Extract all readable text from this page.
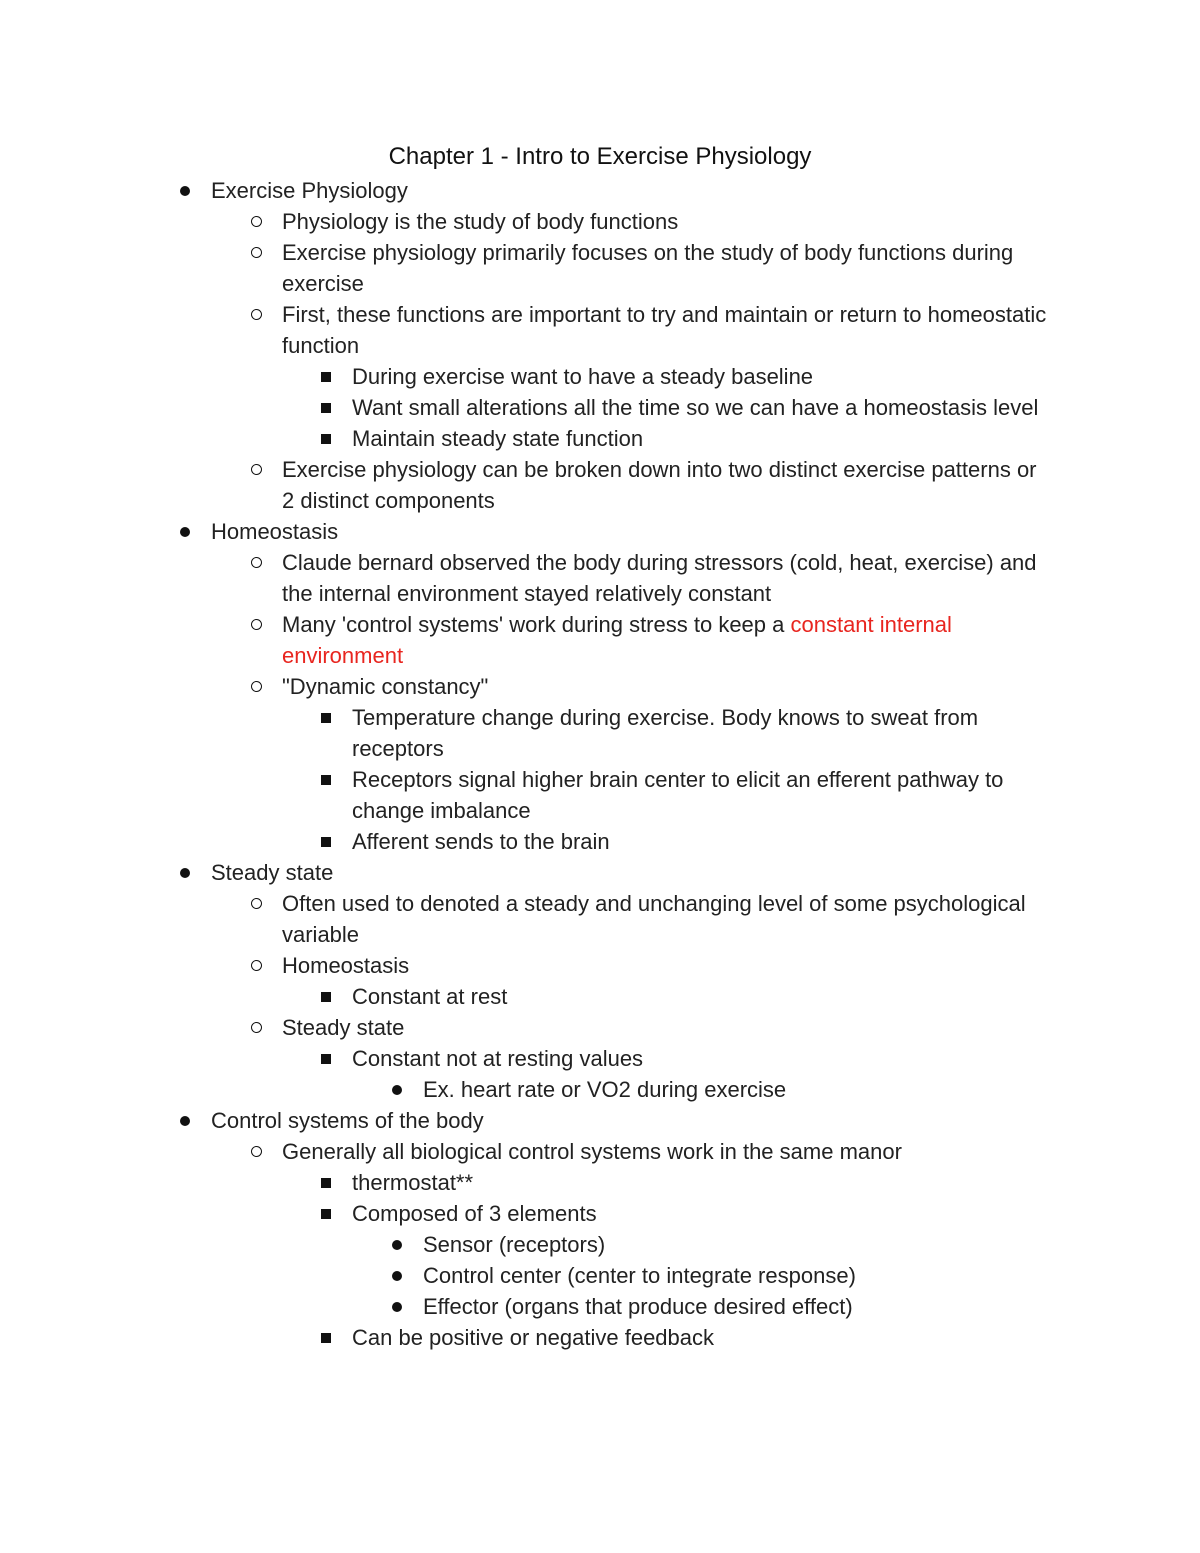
Chapter 1 - Intro to Exercise Physiology
Exercise Physiology
Physiology is the study of body functions
Exercise physiology primarily focuses on the study of body functions during exercise
First, these functions are important to try and maintain or return to homeostatic function
During exercise want to have a steady baseline
Want small alterations all the time so we can have a homeostasis level
Maintain steady state function
Exercise physiology can be broken down into two distinct exercise patterns or 2 distinct components
Homeostasis
Claude bernard observed the body during stressors (cold, heat, exercise) and the internal environment stayed relatively constant
Many 'control systems' work during stress to keep a constant internal environment
"Dynamic constancy"
Temperature change during exercise. Body knows to sweat from receptors
Receptors signal higher brain center to elicit an efferent pathway to change imbalance
Afferent sends to the brain
Steady state
Often used to denoted a steady and unchanging level of some psychological variable
Homeostasis
Constant at rest
Steady state
Constant not at resting values
Ex. heart rate or VO2 during exercise
Control systems of the body
Generally all biological control systems work in the same manor
thermostat**
Composed of 3 elements
Sensor (receptors)
Control center (center to integrate response)
Effector (organs that produce desired effect)
Can be positive or negative feedback
